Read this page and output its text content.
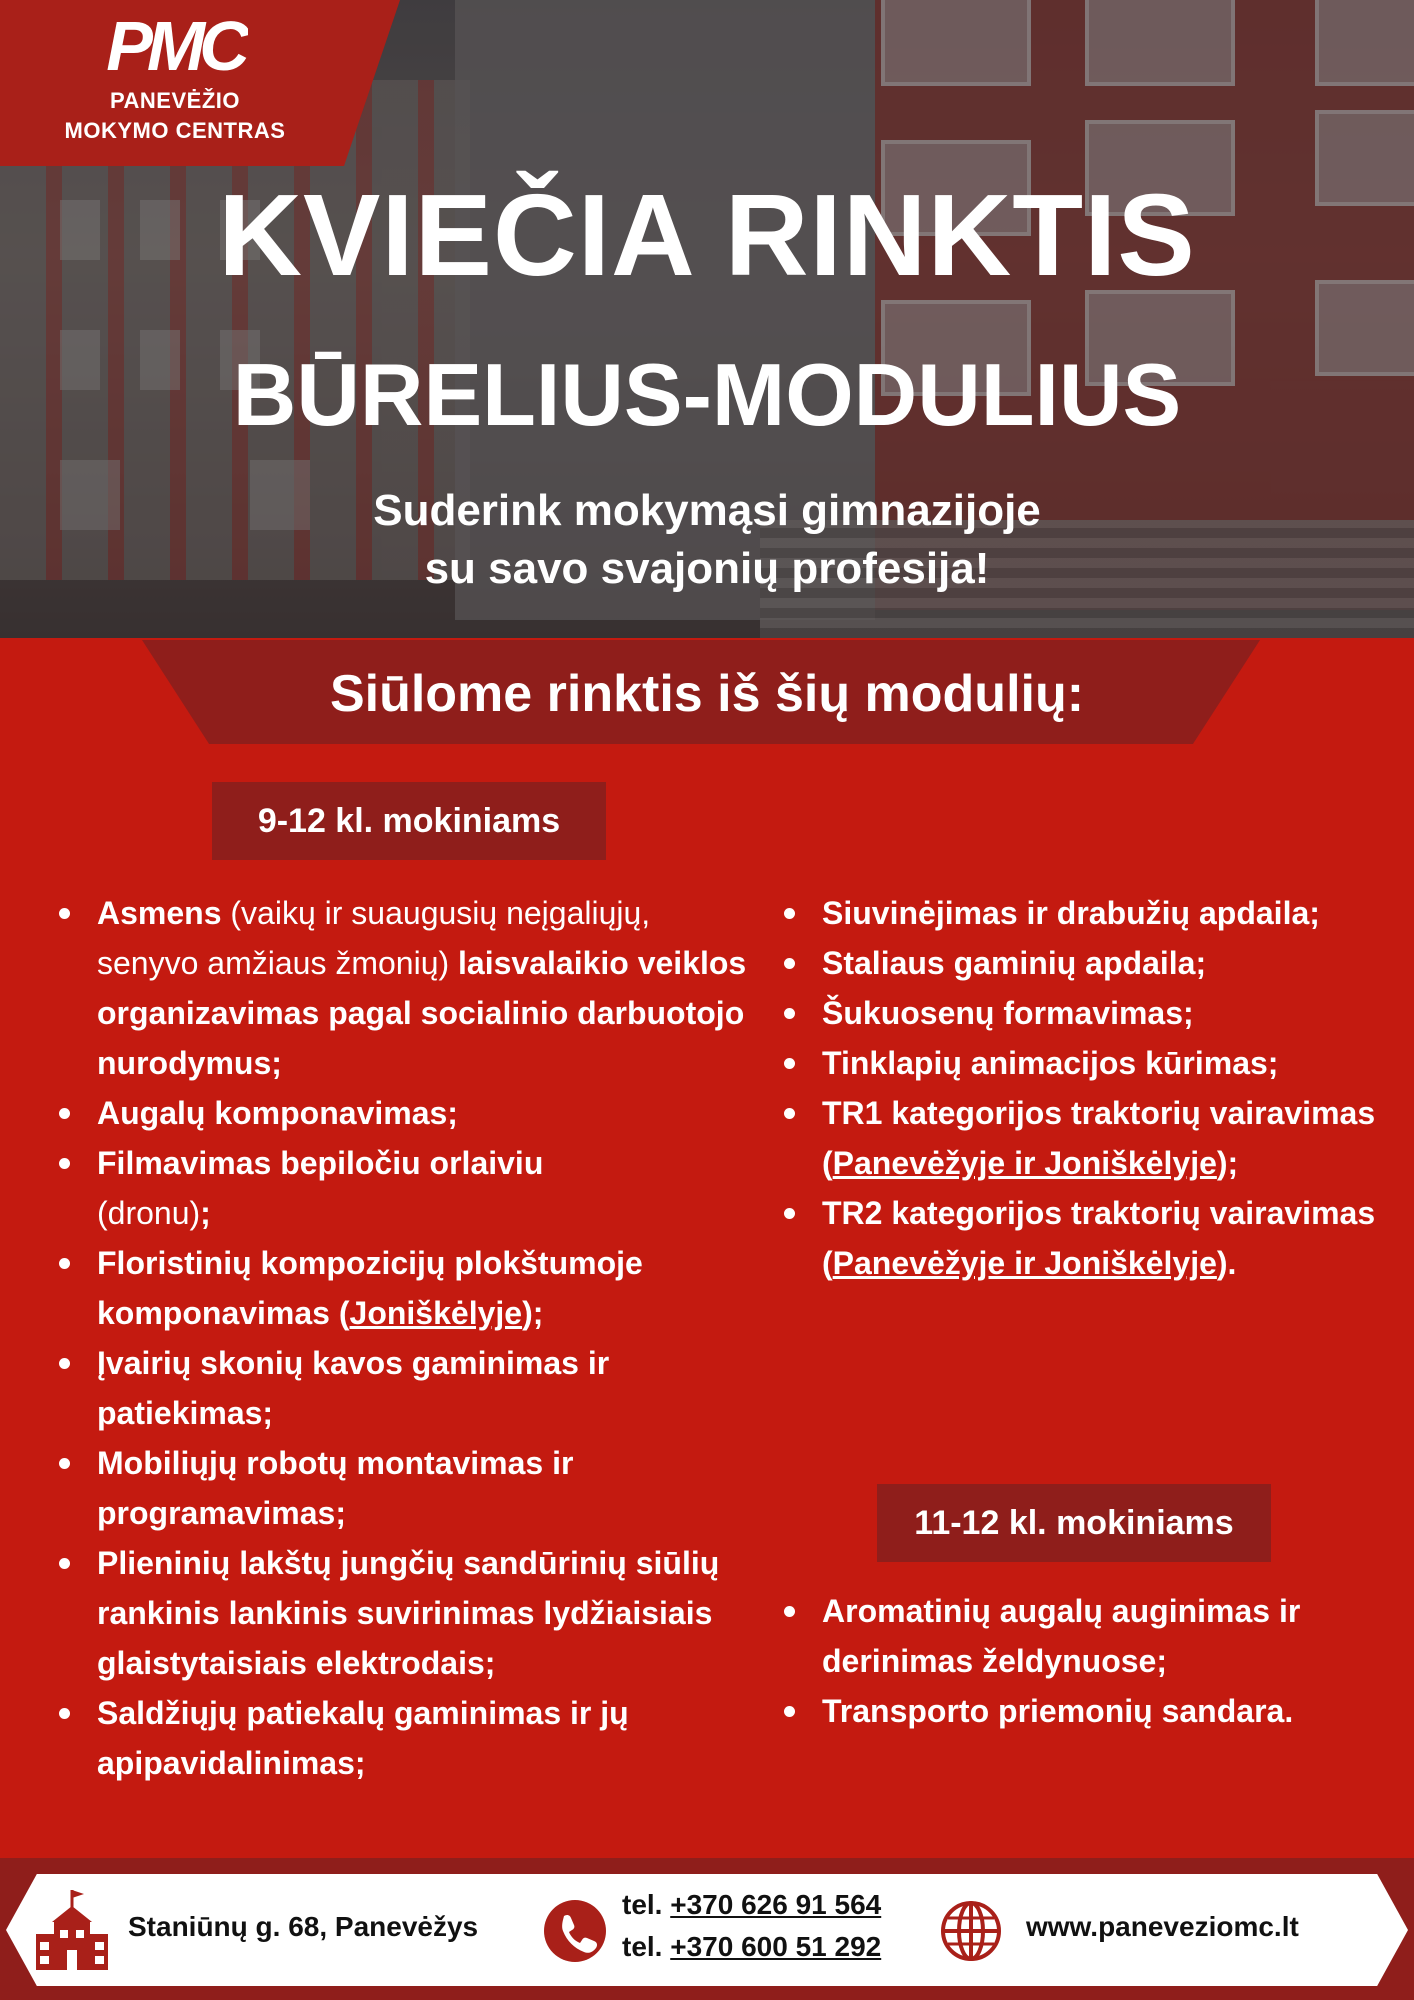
PMC
PANEVĖŽIO
MOKYMO CENTRAS
KVIEČIA RINKTIS
BŪRELIUS-MODULIUS
Suderink mokymąsi gimnazijoje
su savo svajonių profesija!
Siūlome rinktis iš šių modulių:
9-12 kl. mokiniams
Asmens (vaikų ir suaugusių neįgaliųjų, senyvo amžiaus žmonių) laisvalaikio veiklos organizavimas pagal socialinio darbuotojo nurodymus;
Augalų komponavimas;
Filmavimas bepiločiu orlaiviu
(dronu);
Floristinių kompozicijų plokštumoje komponavimas (Joniškėlyje);
Įvairių skonių kavos gaminimas ir patiekimas;
Mobiliųjų robotų montavimas ir programavimas;
Plieninių lakštų jungčių sandūrinių siūlių rankinis lankinis suvirinimas lydžiaisiais glaistytaisiais elektrodais;
Saldžiųjų patiekalų gaminimas ir jų apipavidalinimas;
Siuvinėjimas ir drabužių apdaila;
Staliaus gaminių apdaila;
Šukuosenų formavimas;
Tinklapių animacijos kūrimas;
TR1 kategorijos traktorių vairavimas (Panevėžyje ir Joniškėlyje);
TR2 kategorijos traktorių vairavimas (Panevėžyje ir Joniškėlyje).
11-12 kl. mokiniams
Aromatinių augalų auginimas ir derinimas želdynuose;
Transporto priemonių sandara.
Staniūnų g. 68, Panevėžys
tel. +370 626 91 564
tel. +370 600 51 292
www.paneveziomc.lt
